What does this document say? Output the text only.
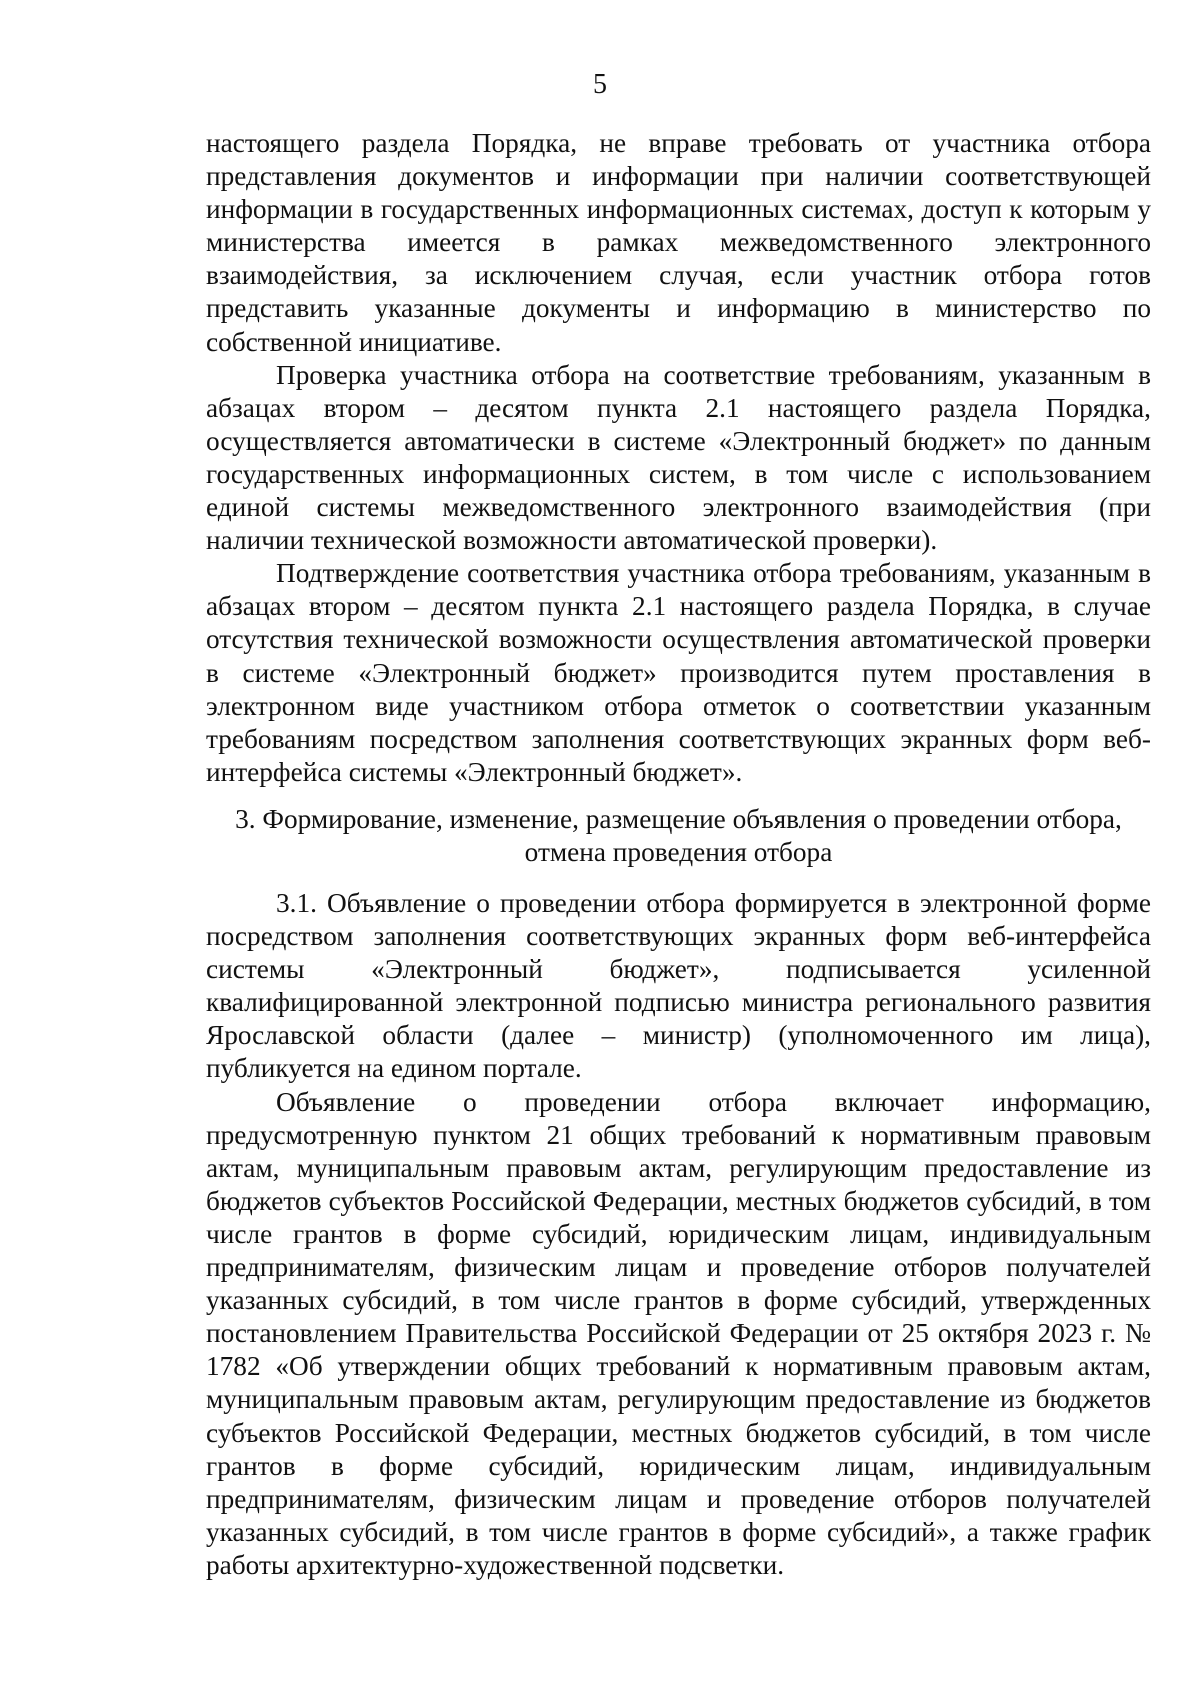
5

настоящего раздела Порядка, не вправе требовать от участника отбора представления документов и информации при наличии соответствующей информации в государственных информационных системах, доступ к которым у министерства имеется в рамках межведомственного электронного взаимодействия, за исключением случая, если участник отбора готов представить указанные документы и информацию в министерство по собственной инициативе.

Проверка участника отбора на соответствие требованиям, указанным в абзацах втором – десятом пункта 2.1 настоящего раздела Порядка, осуществляется автоматически в системе «Электронный бюджет» по данным государственных информационных систем, в том числе с использованием единой системы межведомственного электронного взаимодействия (при наличии технической возможности автоматической проверки).

Подтверждение соответствия участника отбора требованиям, указанным в абзацах втором – десятом пункта 2.1 настоящего раздела Порядка, в случае отсутствия технической возможности осуществления автоматической проверки в системе «Электронный бюджет» производится путем проставления в электронном виде участником отбора отметок о соответствии указанным требованиям посредством заполнения соответствующих экранных форм веб-интерфейса системы «Электронный бюджет».

3. Формирование, изменение, размещение объявления о проведении отбора,
отмена проведения отбора

3.1. Объявление о проведении отбора формируется в электронной форме посредством заполнения соответствующих экранных форм веб-интерфейса системы «Электронный бюджет», подписывается усиленной квалифицированной электронной подписью министра регионального развития Ярославской области (далее – министр) (уполномоченного им лица), публикуется на едином портале.

Объявление о проведении отбора включает информацию, предусмотренную пунктом 21 общих требований к нормативным правовым актам, муниципальным правовым актам, регулирующим предоставление из бюджетов субъектов Российской Федерации, местных бюджетов субсидий, в том числе грантов в форме субсидий, юридическим лицам, индивидуальным предпринимателям, физическим лицам и проведение отборов получателей указанных субсидий, в том числе грантов в форме субсидий, утвержденных постановлением Правительства Российской Федерации от 25 октября 2023 г. № 1782 «Об утверждении общих требований к нормативным правовым актам, муниципальным правовым актам, регулирующим предоставление из бюджетов субъектов Российской Федерации, местных бюджетов субсидий, в том числе грантов в форме субсидий, юридическим лицам, индивидуальным предпринимателям, физическим лицам и проведение отборов получателей указанных субсидий, в том числе грантов в форме субсидий», а также график работы архитектурно-художественной подсветки.
